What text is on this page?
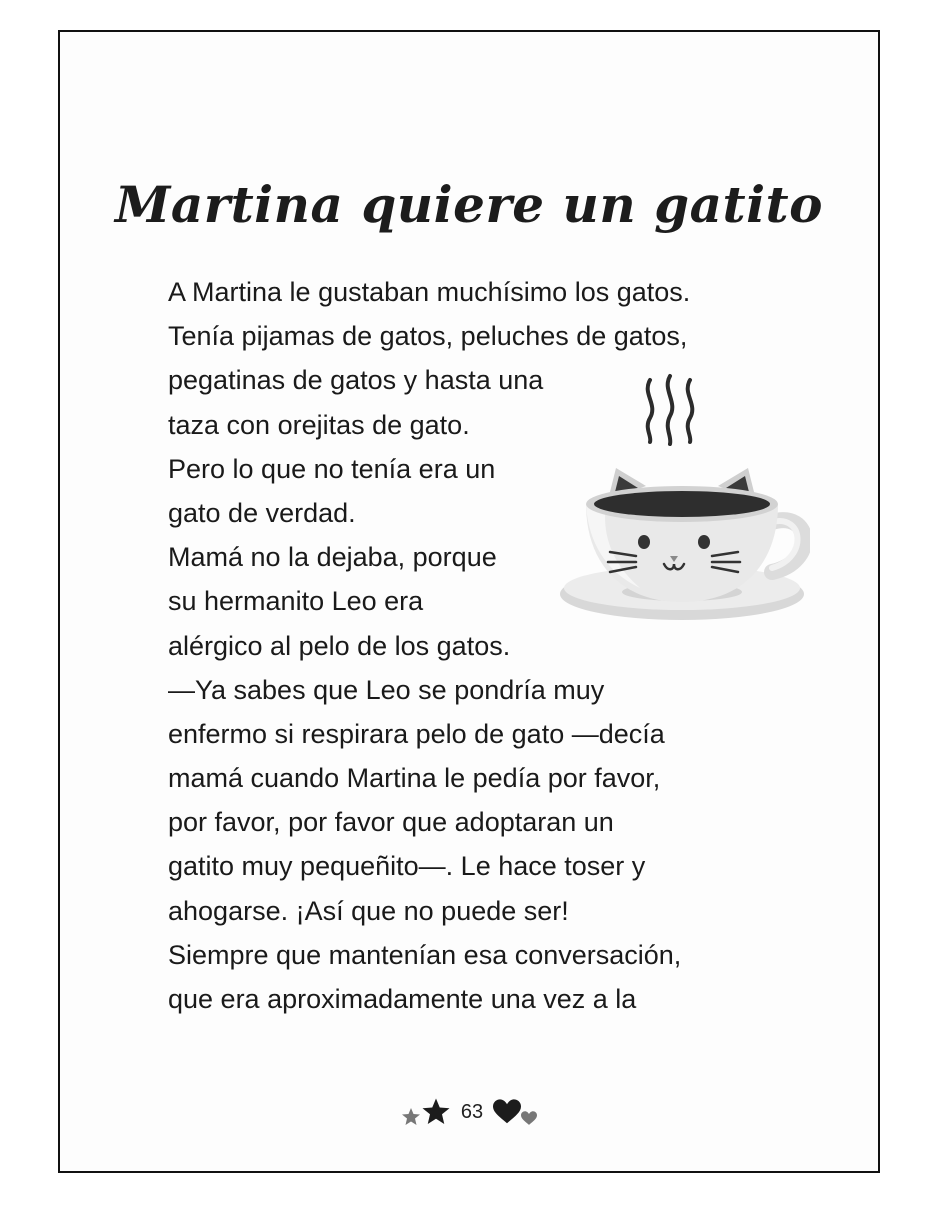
Martina quiere un gatito
A Martina le gustaban muchísimo los gatos.
Tenía pijamas de gatos, peluches de gatos,
pegatinas de gatos y hasta una
taza con orejitas de gato.
Pero lo que no tenía era un
gato de verdad.
Mamá no la dejaba, porque
su hermanito Leo era
alérgico al pelo de los gatos.
—Ya sabes que Leo se pondría muy
enfermo si respirara pelo de gato —decía
mamá cuando Martina le pedía por favor,
por favor, por favor que adoptaran un
gatito muy pequeñito—. Le hace toser y
ahogarse. ¡Así que no puede ser!
Siempre que mantenían esa conversación,
que era aproximadamente una vez a la
63
